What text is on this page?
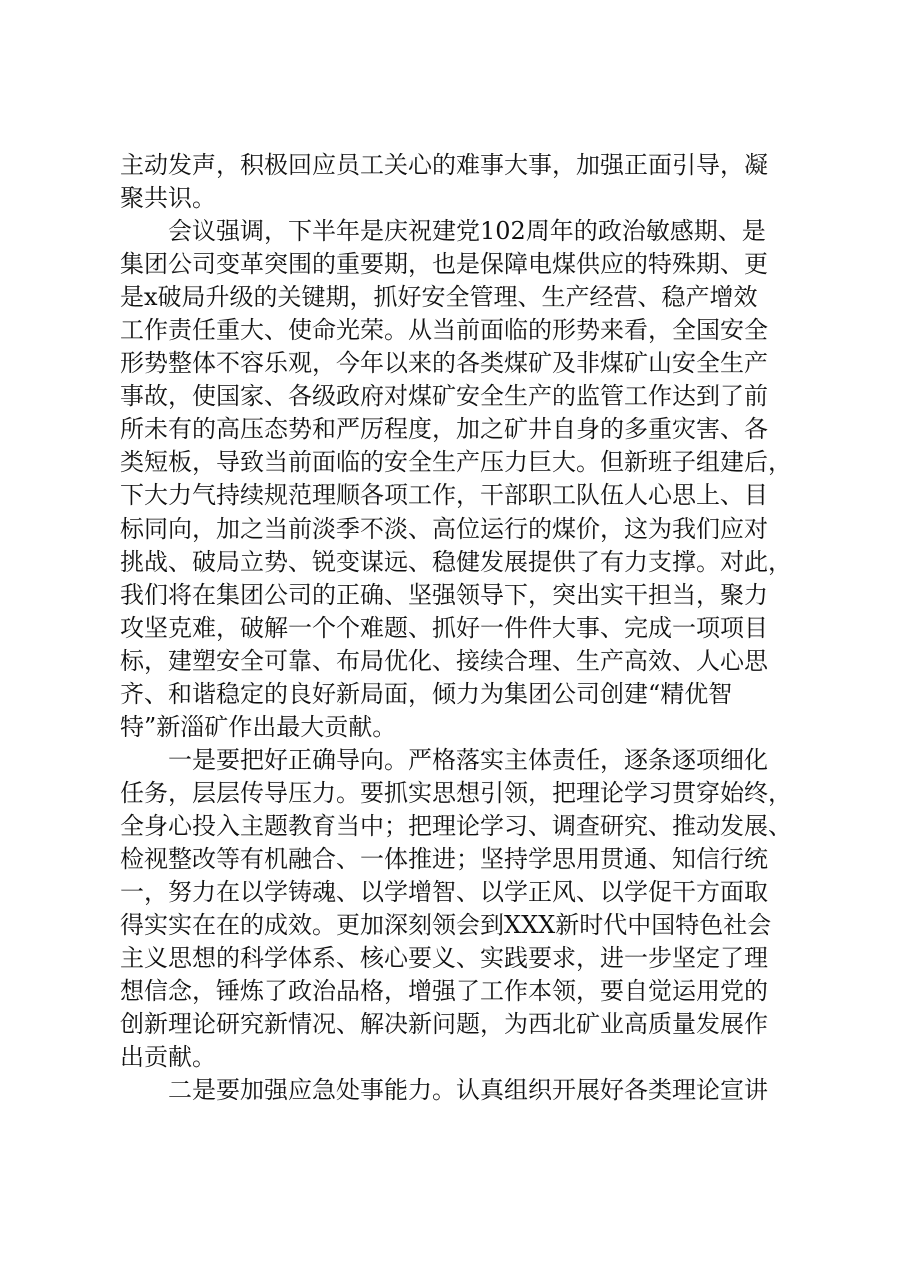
主动发声，积极回应员工关心的难事大事，加强正面引导，凝
聚共识。
会议强调，下半年是庆祝建党102周年的政治敏感期、是
集团公司变革突围的重要期，也是保障电煤供应的特殊期、更
是x破局升级的关键期，抓好安全管理、生产经营、稳产增效
工作责任重大、使命光荣。从当前面临的形势来看，全国安全
形势整体不容乐观，今年以来的各类煤矿及非煤矿山安全生产
事故，使国家、各级政府对煤矿安全生产的监管工作达到了前
所未有的高压态势和严厉程度，加之矿井自身的多重灾害、各
类短板，导致当前面临的安全生产压力巨大。但新班子组建后，
下大力气持续规范理顺各项工作，干部职工队伍人心思上、目
标同向，加之当前淡季不淡、高位运行的煤价，这为我们应对
挑战、破局立势、锐变谋远、稳健发展提供了有力支撑。对此，
我们将在集团公司的正确、坚强领导下，突出实干担当，聚力
攻坚克难，破解一个个难题、抓好一件件大事、完成一项项目
标，建塑安全可靠、布局优化、接续合理、生产高效、人心思
齐、和谐稳定的良好新局面，倾力为集团公司创建“精优智
特”新淄矿作出最大贡献。
一是要把好正确导向。严格落实主体责任，逐条逐项细化
任务，层层传导压力。要抓实思想引领，把理论学习贯穿始终，
全身心投入主题教育当中；把理论学习、调查研究、推动发展、
检视整改等有机融合、一体推进；坚持学思用贯通、知信行统
一，努力在以学铸魂、以学增智、以学正风、以学促干方面取
得实实在在的成效。更加深刻领会到XXX新时代中国特色社会
主义思想的科学体系、核心要义、实践要求，进一步坚定了理
想信念，锤炼了政治品格，增强了工作本领，要自觉运用党的
创新理论研究新情况、解决新问题，为西北矿业高质量发展作
出贡献。
二是要加强应急处事能力。认真组织开展好各类理论宣讲
